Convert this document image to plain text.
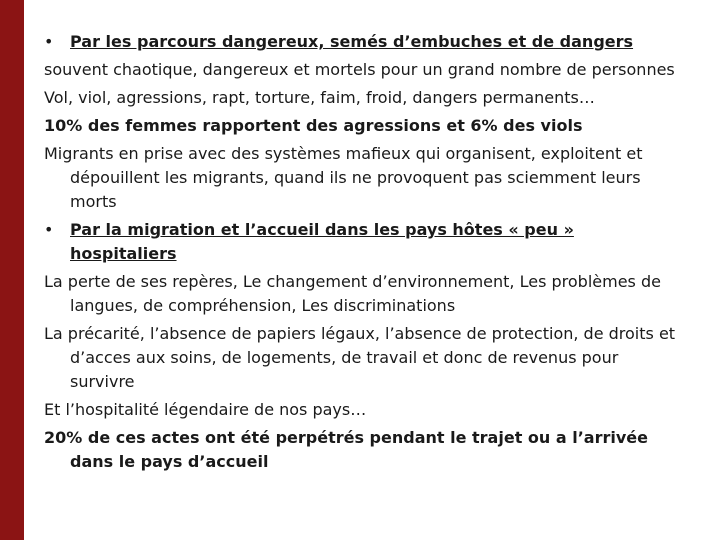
• Par les parcours dangereux, semés d’embuches et de dangers
souvent chaotique, dangereux et mortels pour un grand nombre de personnes
Vol, viol, agressions, rapt, torture, faim, froid, dangers permanents…
10% des femmes rapportent des agressions et 6% des viols
Migrants en prise avec des systèmes mafieux qui organisent, exploitent et dépouillent les migrants, quand ils ne provoquent pas sciemment leurs morts
• Par la migration et l’accueil dans les pays hôtes « peu » hospitaliers
La perte de ses repères, Le changement d’environnement, Les problèmes de langues, de compréhension, Les discriminations
La précarité, l’absence de papiers légaux, l’absence de protection, de droits et d’acces aux soins, de logements, de travail et donc de revenus pour survivre
Et l’hospitalité légendaire de nos pays…
20% de ces actes ont été perpétrés pendant le trajet ou a l’arrivée dans le pays d’accueil
